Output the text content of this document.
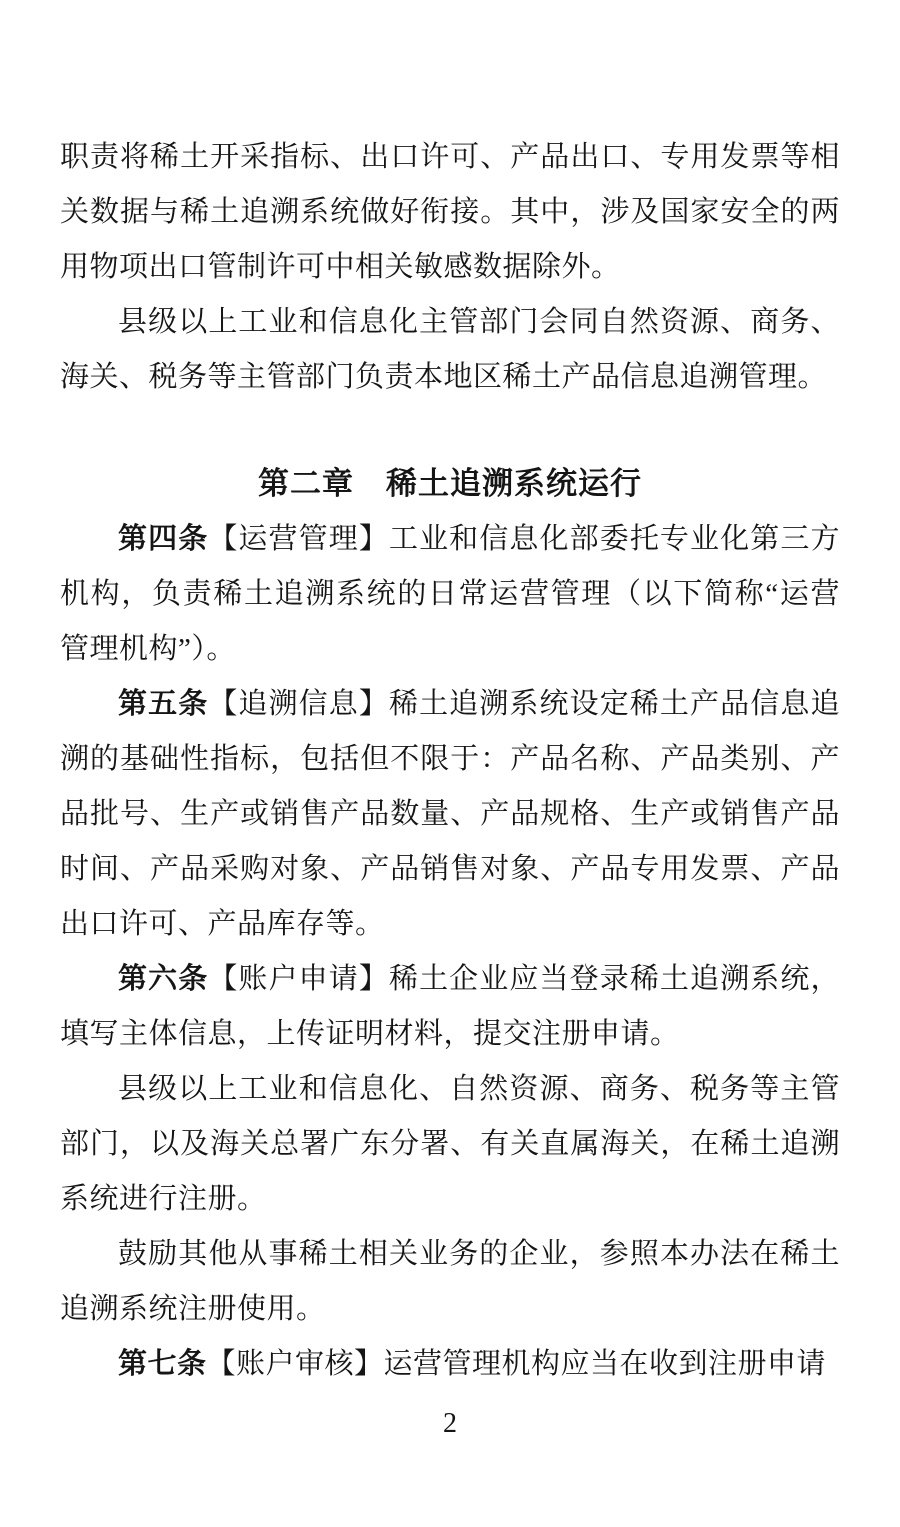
职责将稀土开采指标、出口许可、产品出口、专用发票等相关数据与稀土追溯系统做好衔接。其中，涉及国家安全的两用物项出口管制许可中相关敏感数据除外。

县级以上工业和信息化主管部门会同自然资源、商务、海关、税务等主管部门负责本地区稀土产品信息追溯管理。

第二章　稀土追溯系统运行

第四条【运营管理】工业和信息化部委托专业化第三方机构，负责稀土追溯系统的日常运营管理（以下简称“运营管理机构”）。

第五条【追溯信息】稀土追溯系统设定稀土产品信息追溯的基础性指标，包括但不限于：产品名称、产品类别、产品批号、生产或销售产品数量、产品规格、生产或销售产品时间、产品采购对象、产品销售对象、产品专用发票、产品出口许可、产品库存等。

第六条【账户申请】稀土企业应当登录稀土追溯系统，填写主体信息，上传证明材料，提交注册申请。

县级以上工业和信息化、自然资源、商务、税务等主管部门，以及海关总署广东分署、有关直属海关，在稀土追溯系统进行注册。

鼓励其他从事稀土相关业务的企业，参照本办法在稀土追溯系统注册使用。

第七条【账户审核】运营管理机构应当在收到注册申请

2
